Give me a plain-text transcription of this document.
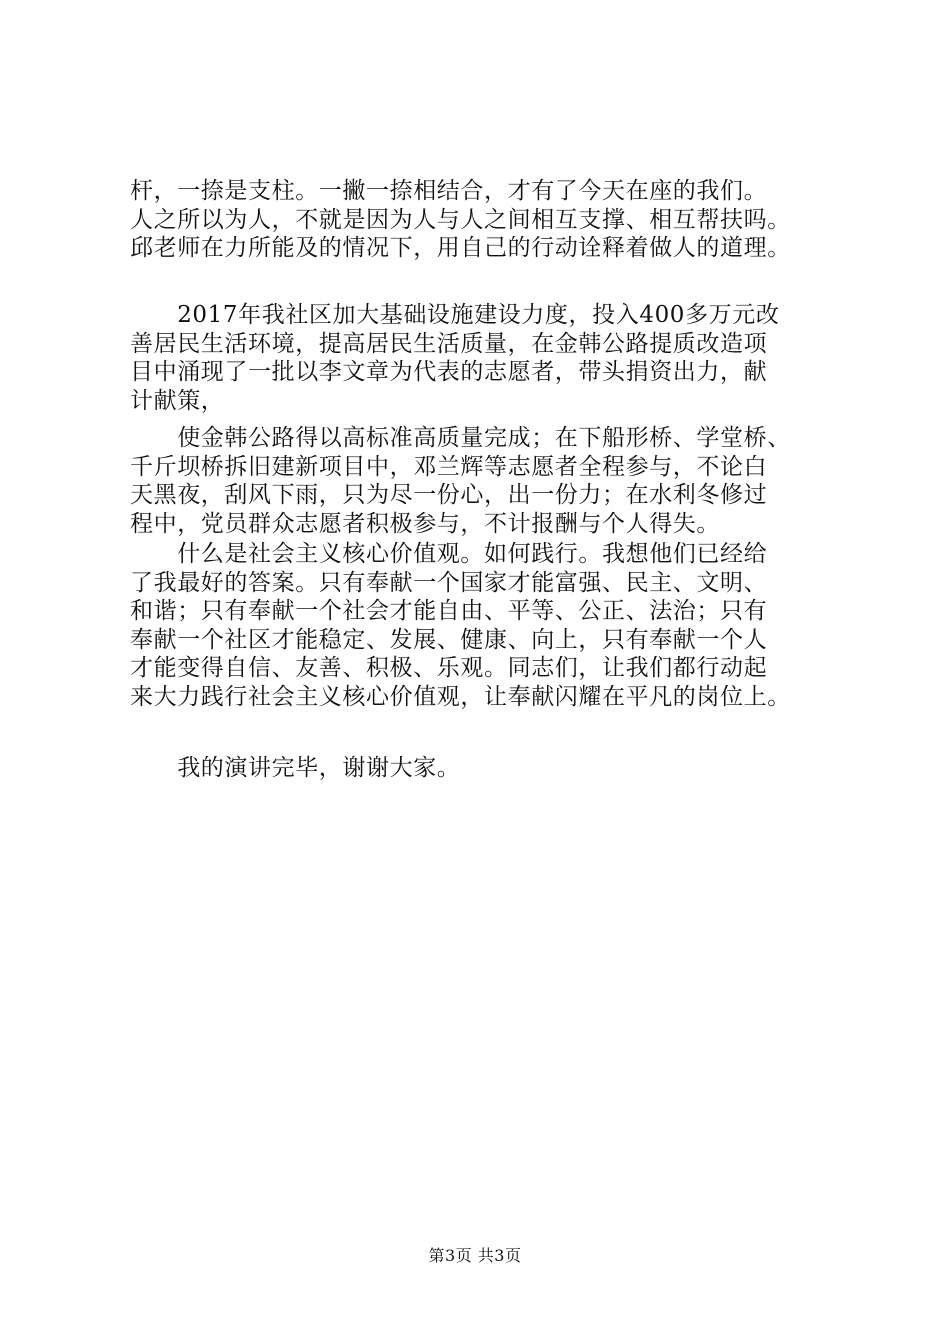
杆，一捺是支柱。一撇一捺相结合，才有了今天在座的我们。
人之所以为人，不就是因为人与人之间相互支撑、相互帮扶吗。
邱老师在力所能及的情况下，用自己的行动诠释着做人的道理。

　　2017年我社区加大基础设施建设力度，投入400多万元改
善居民生活环境，提高居民生活质量，在金韩公路提质改造项
目中涌现了一批以李文章为代表的志愿者，带头捐资出力，献
计献策，

　　使金韩公路得以高标准高质量完成；在下船形桥、学堂桥、
千斤坝桥拆旧建新项目中，邓兰辉等志愿者全程参与，不论白
天黑夜，刮风下雨，只为尽一份心，出一份力；在水利冬修过
程中，党员群众志愿者积极参与，不计报酬与个人得失。

　　什么是社会主义核心价值观。如何践行。我想他们已经给
了我最好的答案。只有奉献一个国家才能富强、民主、文明、
和谐；只有奉献一个社会才能自由、平等、公正、法治；只有
奉献一个社区才能稳定、发展、健康、向上，只有奉献一个人
才能变得自信、友善、积极、乐观。同志们，让我们都行动起
来大力践行社会主义核心价值观，让奉献闪耀在平凡的岗位上。

　　我的演讲完毕，谢谢大家。

第3页 共3页
